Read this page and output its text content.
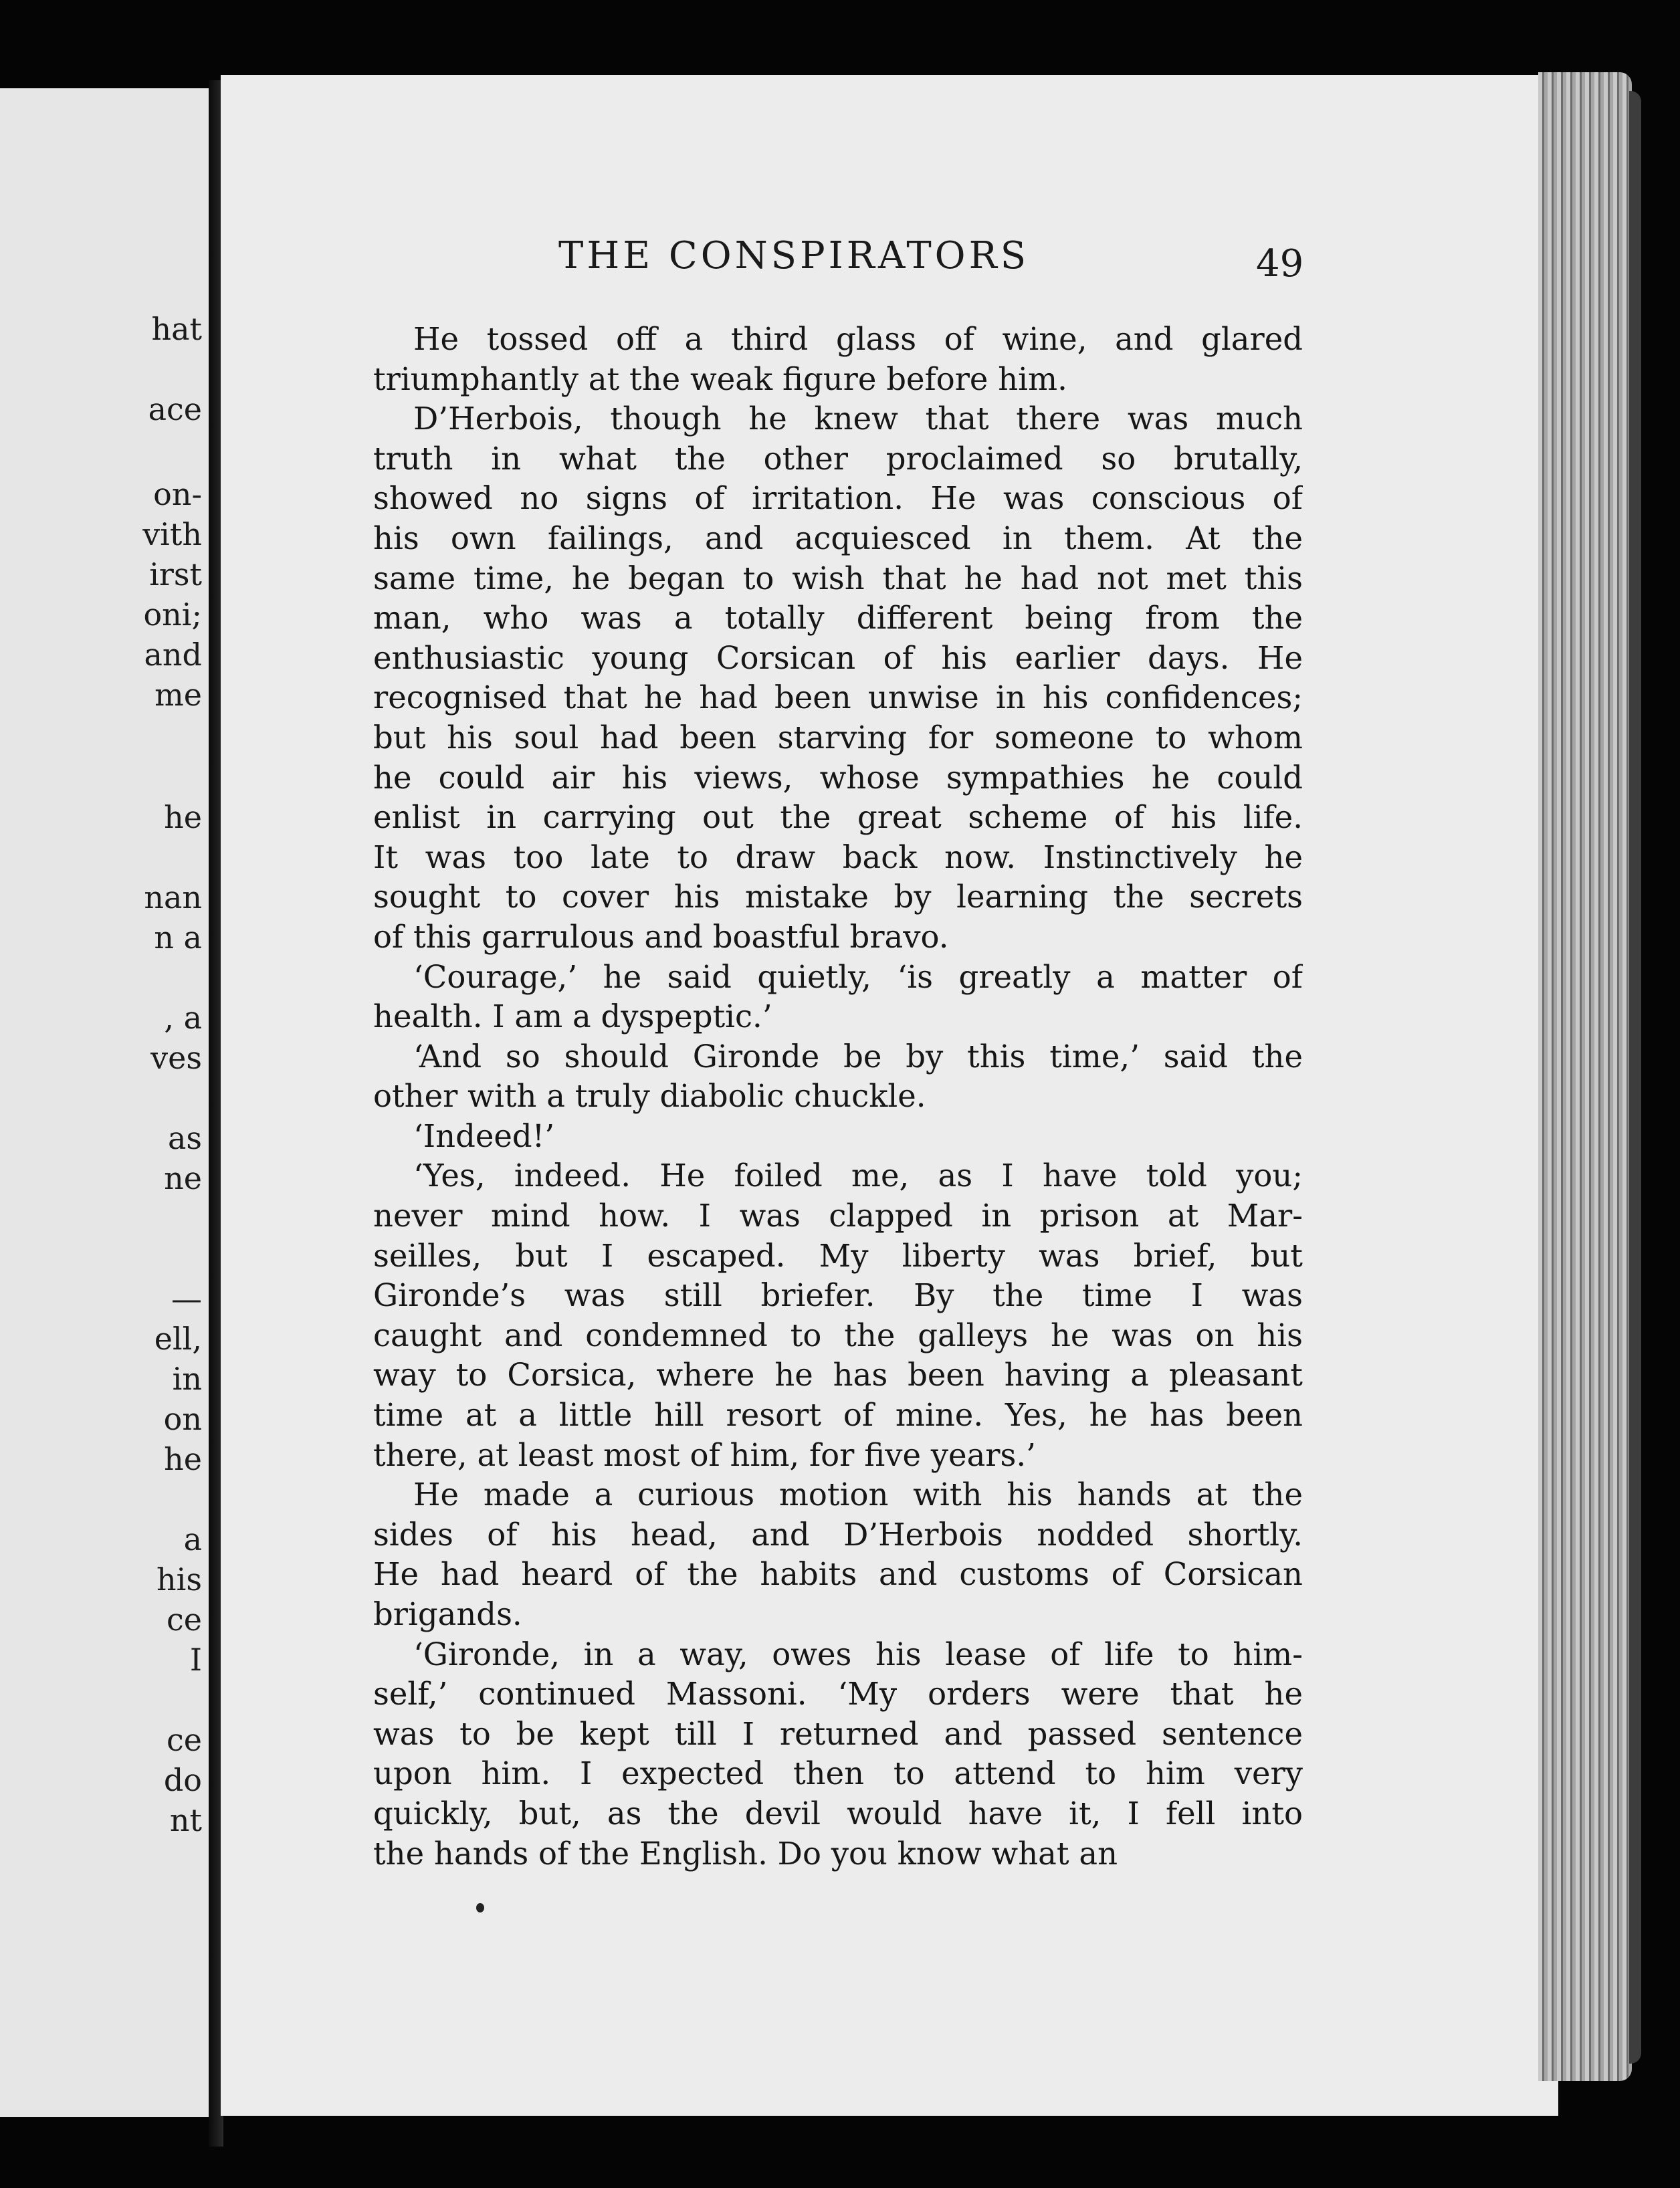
hat
ace
on-
vith
irst
oni;
and
me
he
nan
n a
, a
ves
as
ne
—
ell,
in
on
he
a
his
ce
I
ce
do
nt
THE CONSPIRATORS	49
He tossed off a third glass of wine, and glared
triumphantly at the weak figure before him.
D’Herbois, though he knew that there was much
truth in what the other proclaimed so brutally,
showed no signs of irritation. He was conscious of
his own failings, and acquiesced in them. At the
same time, he began to wish that he had not met this
man, who was a totally different being from the
enthusiastic young Corsican of his earlier days. He
recognised that he had been unwise in his confidences;
but his soul had been starving for someone to whom
he could air his views, whose sympathies he could
enlist in carrying out the great scheme of his life.
It was too late to draw back now. Instinctively he
sought to cover his mistake by learning the secrets
of this garrulous and boastful bravo.
‘Courage,’ he said quietly, ‘is greatly a matter of
health. I am a dyspeptic.’
‘And so should Gironde be by this time,’ said the
other with a truly diabolic chuckle.
‘Indeed!’
‘Yes, indeed. He foiled me, as I have told you;
never mind how. I was clapped in prison at Mar-
seilles, but I escaped. My liberty was brief, but
Gironde’s was still briefer. By the time I was
caught and condemned to the galleys he was on his
way to Corsica, where he has been having a pleasant
time at a little hill resort of mine. Yes, he has been
there, at least most of him, for five years.’
He made a curious motion with his hands at the
sides of his head, and D’Herbois nodded shortly.
He had heard of the habits and customs of Corsican
brigands.
‘Gironde, in a way, owes his lease of life to him-
self,’ continued Massoni. ‘My orders were that he
was to be kept till I returned and passed sentence
upon him. I expected then to attend to him very
quickly, but, as the devil would have it, I fell into
the hands of the English. Do you know what an
